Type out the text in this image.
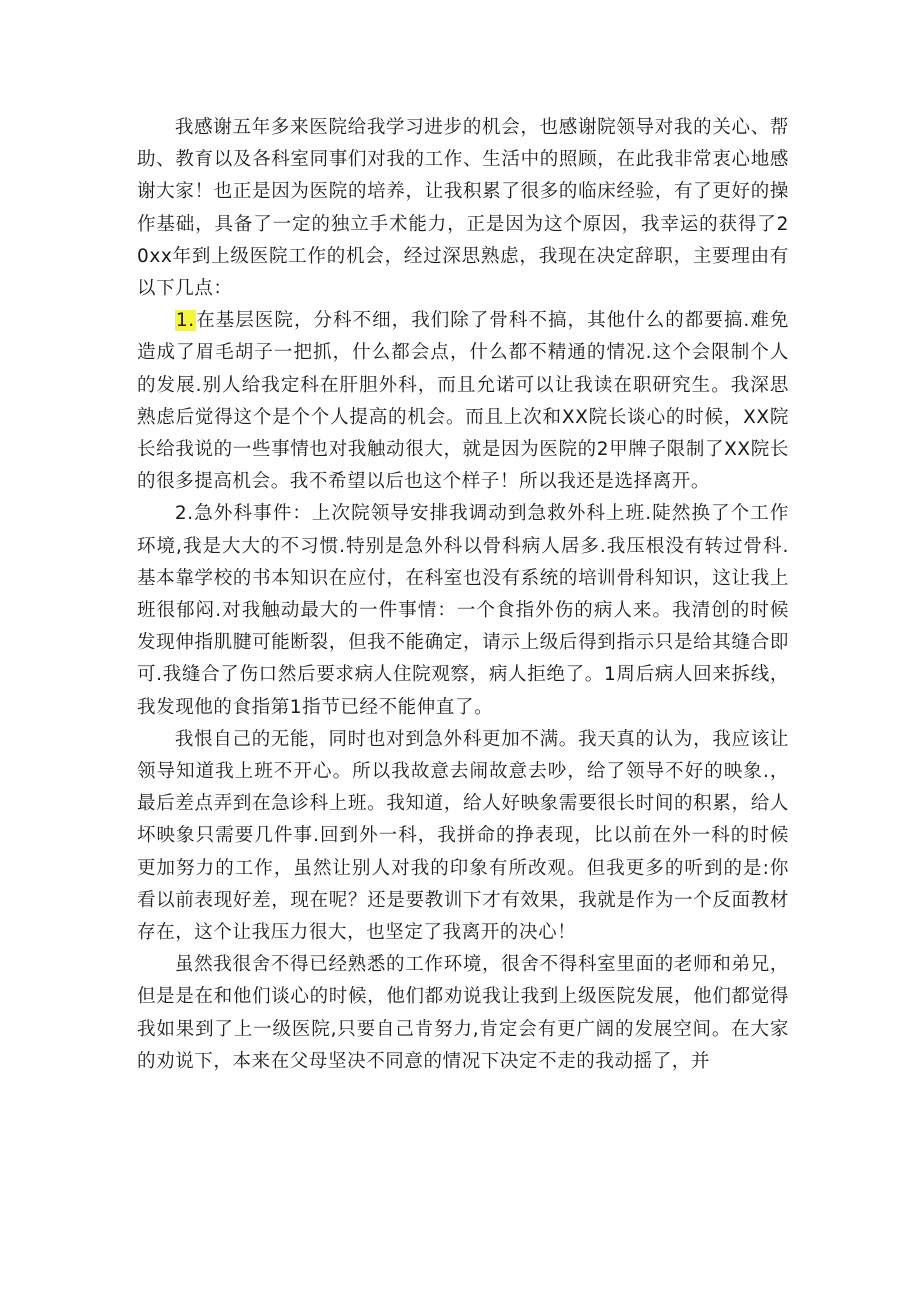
我感谢五年多来医院给我学习进步的机会，也感谢院领导对我的关心、帮助、教育以及各科室同事们对我的工作、生活中的照顾，在此我非常衷心地感谢大家！也正是因为医院的培养，让我积累了很多的临床经验，有了更好的操作基础，具备了一定的独立手术能力，正是因为这个原因，我幸运的获得了20xx年到上级医院工作的机会，经过深思熟虑，我现在决定辞职，主要理由有以下几点：

1.在基层医院，分科不细，我们除了骨科不搞，其他什么的都要搞.难免造成了眉毛胡子一把抓，什么都会点，什么都不精通的情况.这个会限制个人的发展.别人给我定科在肝胆外科，而且允诺可以让我读在职研究生。我深思熟虑后觉得这个是个个人提高的机会。而且上次和XX院长谈心的时候，XX院长给我说的一些事情也对我触动很大，就是因为医院的2甲牌子限制了XX院长的很多提高机会。我不希望以后也这个样子！所以我还是选择离开。

2.急外科事件：上次院领导安排我调动到急救外科上班.陡然换了个工作环境,我是大大的不习惯.特别是急外科以骨科病人居多.我压根没有转过骨科.基本靠学校的书本知识在应付，在科室也没有系统的培训骨科知识，这让我上班很郁闷.对我触动最大的一件事情：一个食指外伤的病人来。我清创的时候发现伸指肌腱可能断裂，但我不能确定，请示上级后得到指示只是给其缝合即可.我缝合了伤口然后要求病人住院观察，病人拒绝了。1周后病人回来拆线，我发现他的食指第1指节已经不能伸直了。

我恨自己的无能，同时也对到急外科更加不满。我天真的认为，我应该让领导知道我上班不开心。所以我故意去闹故意去吵，给了领导不好的映象.，最后差点弄到在急诊科上班。我知道，给人好映象需要很长时间的积累，给人坏映象只需要几件事.回到外一科，我拼命的挣表现，比以前在外一科的时候更加努力的工作，虽然让别人对我的印象有所改观。但我更多的听到的是:你看以前表现好差，现在呢？还是要教训下才有效果，我就是作为一个反面教材存在，这个让我压力很大，也坚定了我离开的决心！

虽然我很舍不得已经熟悉的工作环境，很舍不得科室里面的老师和弟兄，但是是在和他们谈心的时候，他们都劝说我让我到上级医院发展，他们都觉得我如果到了上一级医院,只要自己肯努力,肯定会有更广阔的发展空间。在大家的劝说下，本来在父母坚决不同意的情况下决定不走的我动摇了，并
